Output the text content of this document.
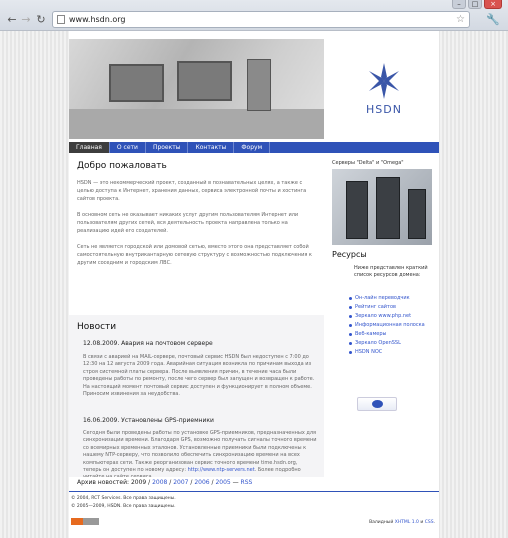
–	□	×
← → ↻	www.hsdn.org	☆ 🔧
HSDN
Главная	О сети	Проекты	Контакты	Форум
Добро пожаловать
HSDN — это некоммерческий проект, созданный в познавательных целях, а также с целью доступа к Интернет, хранения данных, сервиса электронной почты и хостинга сайтов проекта.
В основном сеть не оказывает никаких услуг другим пользователям Интернет или пользователям других сетей, вся деятельность проекта направлена только на реализацию идей его создателей.
Сеть не является городской или домовой сетью, вместо этого она представляет собой самостоятельную внутрикантарную сетевую структуру с возможностью подключения к другим соседним и городским ЛВС.
Серверы "Delta" и "Omega"
Ресурсы
Ниже представлен краткий список ресурсов домена:
Он-лайн переводчик
Рейтинг сайтов
Зеркало www.php.net
Информационная полоска
Веб-камеры
Зеркало OpenSSL
HSDN NOC
Новости
12.08.2009. Авария на почтовом сервере
В связи с аварией на MAIL-сервере, почтовый сервис HSDN был недоступен с 7:00 до 12:30 на 12 августа 2009 года. Аварийная ситуация возникла по причинам выхода из строя системной платы сервера. После выявления причин, в течение часа были проведены работы по ремонту, после чего сервер был запущен и возвращен к работе. На настоящий момент почтовый сервис доступен и функционирует в полном объеме. Приносим извинения за неудобства.
16.06.2009. Установлены GPS-приемники
Сегодня были проведены работы по установке GPS-приемников, предназначенных для синхронизации времени. Благодаря GPS, возможно получать сигналы точного времени со всемирных временных эталонов. Установленные приемники были подключены к нашему NTP-серверу, что позволило обеспечить синхронизацию времени на всех компьютерах сети. Также реорганизован сервис точного времени time.hsdn.org, теперь он доступен по новому адресу: http://www.ntp-servers.net. Более подробно
Архив новостей: 2009 / 2008 / 2007 / 2006 / 2005 — RSS
© 2004, RCT Services. Все права защищены.
© 2005—2009, HSDN. Все права защищены.
Валидный XHTML 1.0 и CSS.
